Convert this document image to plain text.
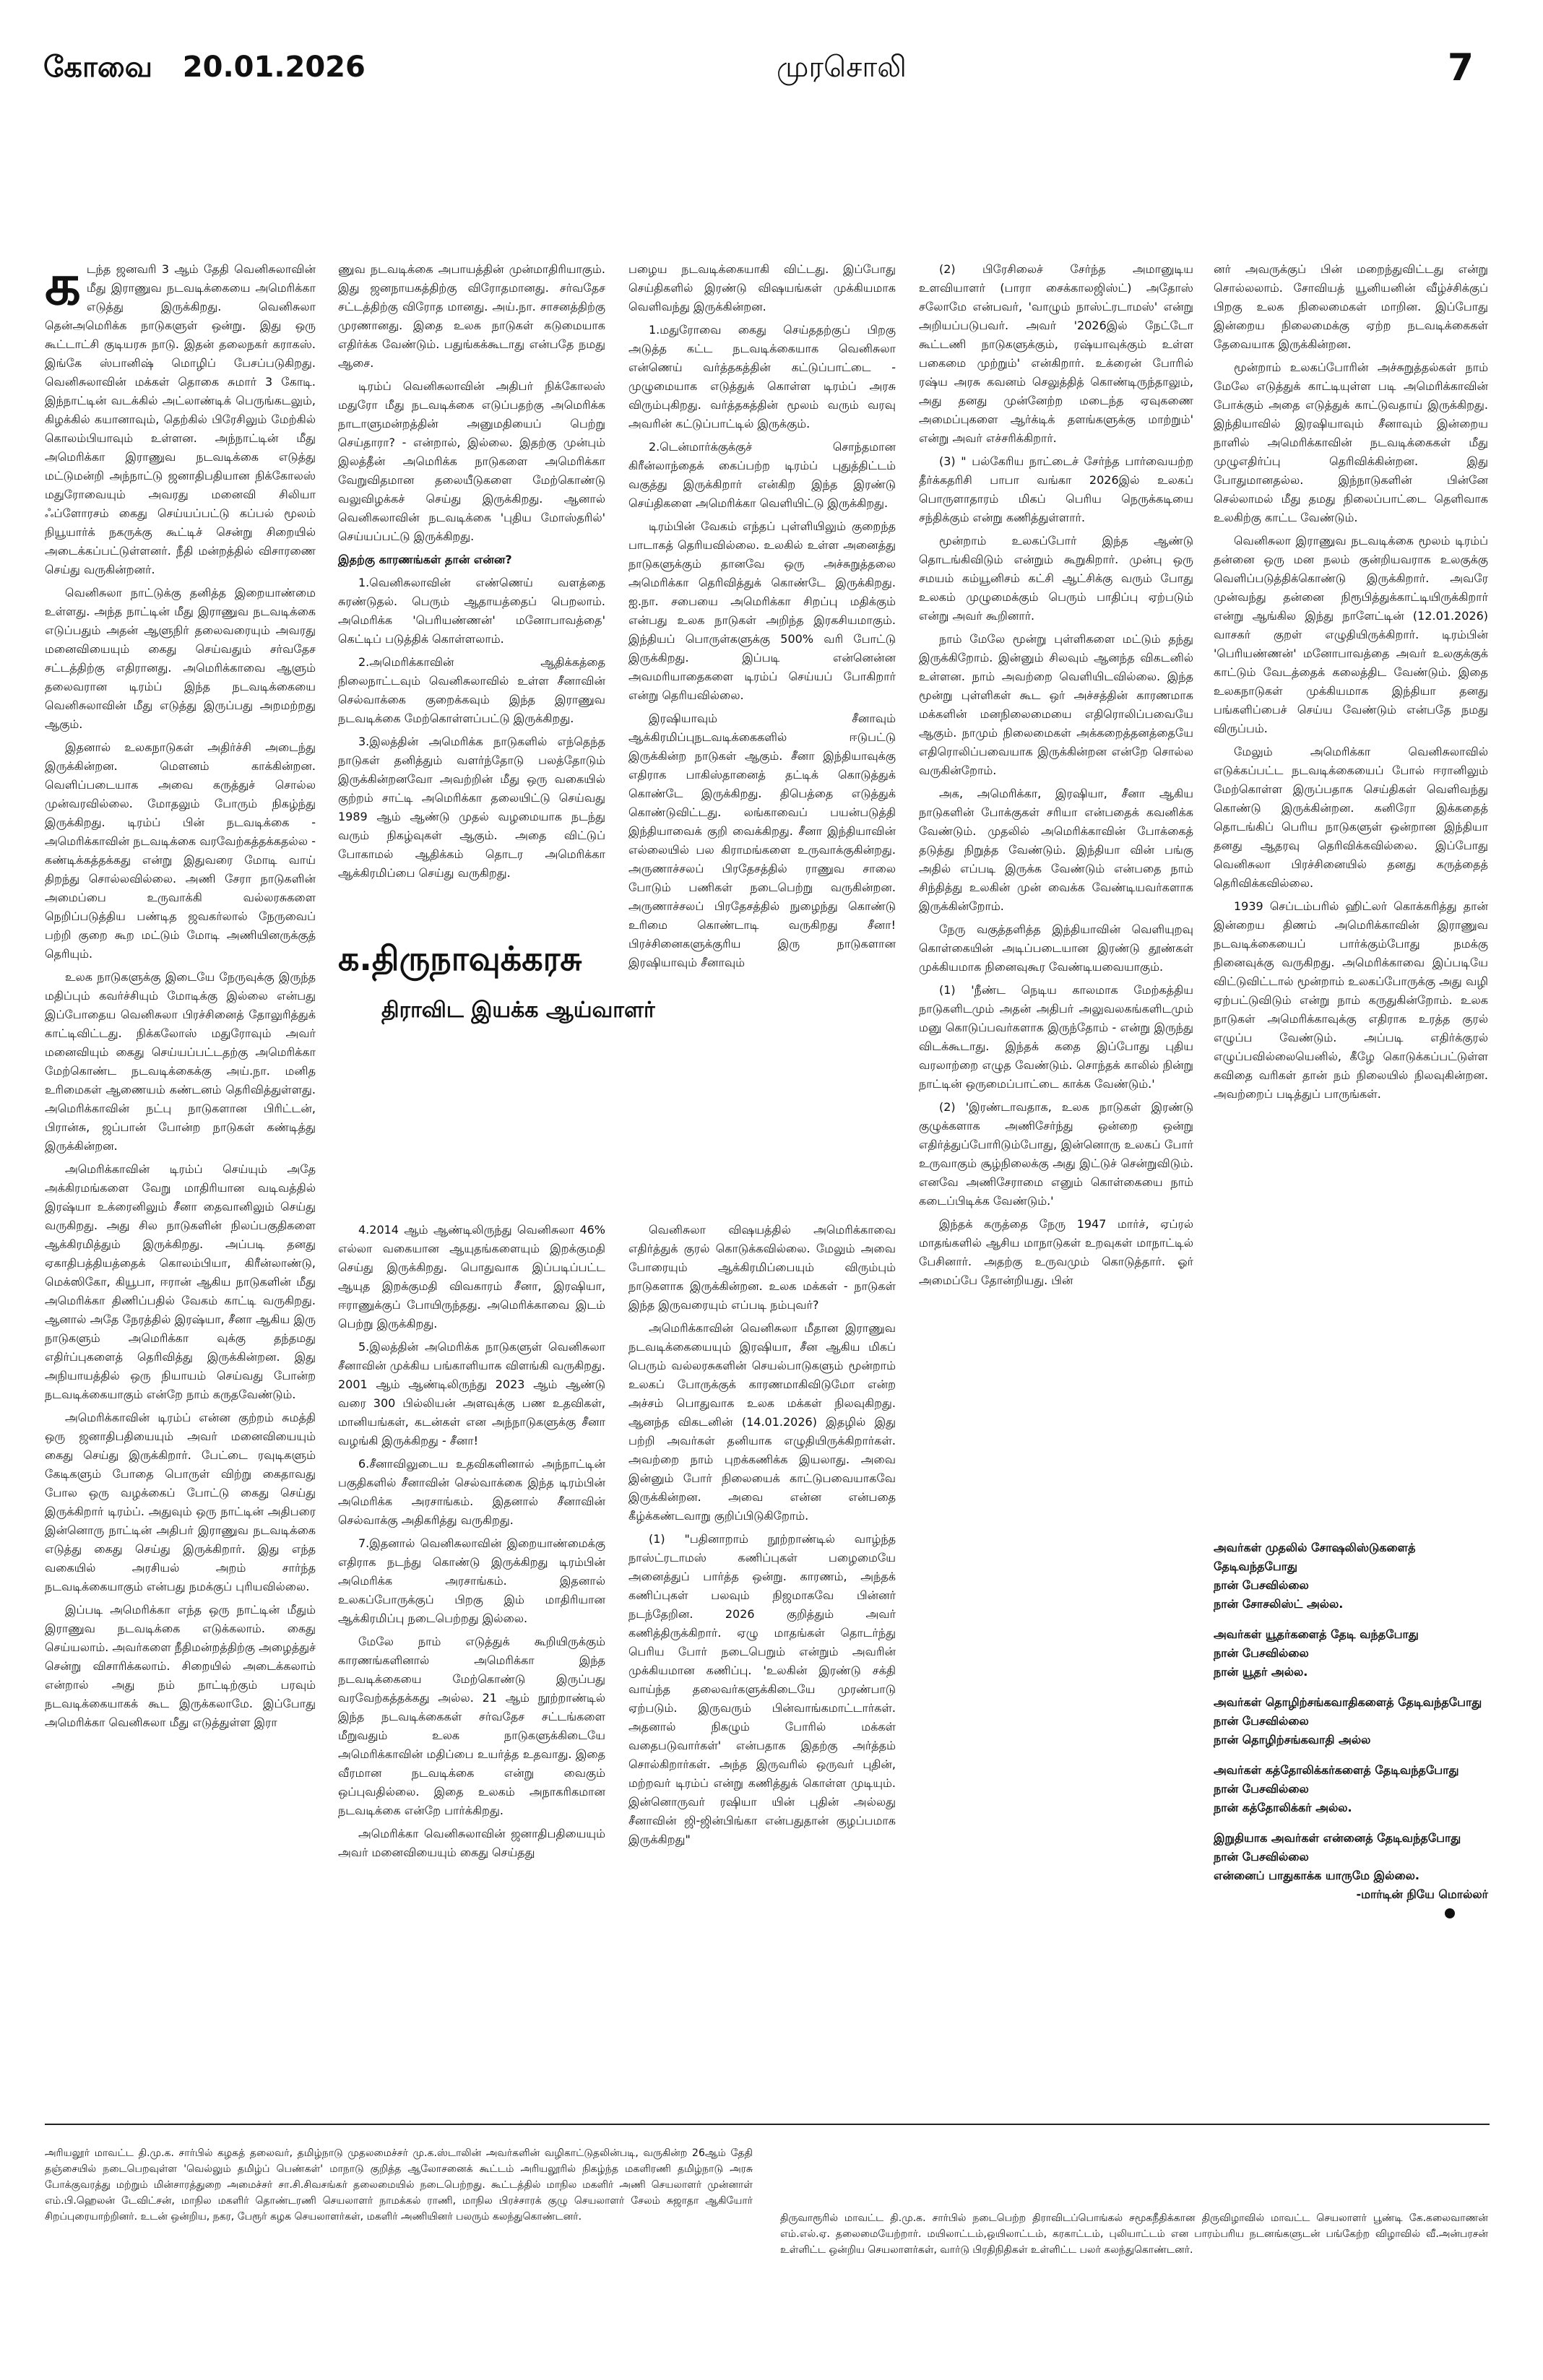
கோவை 20.01.2026	முரசொலி	7
க டந்த ஜனவரி 3 ஆம் தேதி வெனிசுலாவின் மீது இராணுவ நடவடிக்கையை அமெரிக்கா எடுத்து இருக்கிறது. வெனிசுலா தென்அமெரிக்க நாடுகளுள் ஒன்று. இது ஒரு கூட்டாட்சி குடியரசு நாடு. இதன் தலைநகர் கராகஸ். இங்கே ஸ்பானிஷ் மொழிப் பேசப்படுகிறது. வெனிசுலாவின் மக்கள் தொகை சுமார் 3 கோடி. இந்நாட்டின் வடக்கில் அட்லாண்டிக் பெருங்கடலும், கிழக்கில் கயானாவும், தெற்கில் பிரேசிலும் மேற்கில் கொலம்பியாவும் உள்ளன. அந்நாட்டின் மீது அமெரிக்கா இராணுவ நடவடிக்கை எடுத்து மட்டுமன்றி அந்நாட்டு ஜனாதிபதியான நிக்கோலஸ் மதுரோவையும் அவரது மனைவி சிலியா ஃப்ளோரசம் கைது செய்யப்பட்டு கப்பல் மூலம் நியூயார்க் நகருக்கு கூட்டிச் சென்று சிறையில் அடைக்கப்பட்டுள்ளனர். நீதி மன்றத்தில் விசாரணை செய்து வருகின்றனர்.

வெனிசுலா நாட்டுக்கு தனித்த இறையாண்மை உள்ளது. அந்த நாட்டின் மீது இராணுவ நடவடிக்கை எடுப்பதும் அதன் ஆளுநிர் தலைவரையும் அவரது மனைவியையும் கைது செய்வதும் சர்வதேச சட்டத்திற்கு எதிரானது. அமெரிக்காவை ஆளும் தலைவரான டிரம்ப் இந்த நடவடிக்கையை வெனிசுலாவின் மீது எடுத்து இருப்பது அறமற்றது ஆகும்.

இதனால் உலகநாடுகள் அதிர்ச்சி அடைந்து இருக்கின்றன. மௌனம் காக்கின்றன. வெளிப்படையாக அவை கருத்துச் சொல்ல முன்வரவில்லை. மோதலும் போரும் நிகழ்ந்து இருக்கிறது. டிரம்ப் பின் நடவடிக்கை - அமெரிக்காவின் நடவடிக்கை வரவேற்கத்தக்கதல்ல - கண்டிக்கத்தக்கது என்று இதுவரை மோடி வாய் திறந்து சொல்லவில்லை. அணி சேரா நாடுகளின் அமைப்பை உருவாக்கி வல்லரசுகளை நெறிப்படுத்திய பண்டித ஜவகர்லால் நேருவைப் பற்றி குறை கூற மட்டும் மோடி அணியினருக்குத் தெரியும்.

உலக நாடுகளுக்கு இடையே நேருவுக்கு இருந்த மதிப்பும் கவர்ச்சியும் மோடிக்கு இல்லை என்பது இப்போதைய வெனிசுலா பிரச்சினைத் தோலுரித்துக் காட்டிவிட்டது. நிக்கலோஸ் மதுரோவும் அவர் மனைவியும் கைது செய்யப்பட்டதற்கு அமெரிக்கா மேற்கொண்ட நடவடிக்கைக்கு அய்.நா. மனித உரிமைகள் ஆணையம் கண்டனம் தெரிவித்துள்ளது. அமெரிக்காவின் நட்பு நாடுகளான பிரிட்டன், பிரான்சு, ஜப்பான் போன்ற நாடுகள் கண்டித்து இருக்கின்றன.

அமெரிக்காவின் டிரம்ப் செய்யும் அதே அக்கிரமங்களை வேறு மாதிரியான வடிவத்தில் இரஷ்யா உக்ரைனிலும் சீனா தைவானிலும் செய்து வருகிறது. அது சில நாடுகளின் நிலப்பகுதிகளை ஆக்கிரமித்தும் இருக்கிறது. அப்படி தனது ஏகாதிபத்தியத்தைக் கொலம்பியா, கிரீன்லாண்டு, மெக்ஸிகோ, கியூபா, ஈரான் ஆகிய நாடுகளின் மீது அமெரிக்கா திணிப்பதில் வேகம் காட்டி வருகிறது. ஆனால் அதே நேரத்தில் இரஷ்யா, சீனா ஆகிய இரு நாடுகளும் அமெரிக்கா வுக்கு தந்தமது எதிர்ப்புகளைத் தெரிவித்து இருக்கின்றன. இது அநியாயத்தில் ஒரு நியாயம் செய்வது போன்ற நடவடிக்கையாகும் என்றே நாம் கருதவேண்டும்.

அமெரிக்காவின் டிரம்ப் என்ன குற்றம் சுமத்தி ஒரு ஜனாதிபதியையும் அவர் மனைவியையும் கைது செய்து இருக்கிறார். பேட்டை ரவுடிகளும் கேடிகளும் போதை பொருள் விற்று கைதாவது போல ஒரு வழக்கைப் போட்டு கைது செய்து இருக்கிறார் டிரம்ப். அதுவும் ஒரு நாட்டின் அதிபரை இன்னொரு நாட்டின் அதிபர் இராணுவ நடவடிக்கை எடுத்து கைது செய்து இருக்கிறார். இது எந்த வகையில் அரசியல் அறம் சார்ந்த நடவடிக்கையாகும் என்பது நமக்குப் புரியவில்லை.

இப்படி அமெரிக்கா எந்த ஒரு நாட்டின் மீதும் இராணுவ நடவடிக்கை எடுக்கலாம். கைது செய்யலாம். அவர்களை நீதிமன்றத்திற்கு அழைத்துச் சென்று விசாரிக்கலாம். சிறையில் அடைக்கலாம் என்றால் அது நம் நாட்டிற்கும் பரவும் நடவடிக்கையாகக் கூட இருக்கலாமே. இப்போது அமெரிக்கா வெனிசுலா மீது எடுத்துள்ள இரா

ணுவ நடவடிக்கை அபாயத்தின் முன்மாதிரியாகும். இது ஜனநாயகத்திற்கு விரோதமானது. சர்வதேச சட்டத்திற்கு விரோத மானது. அய்.நா. சாசனத்திற்கு முரணானது. இதை உலக நாடுகள் கடுமையாக எதிர்க்க வேண்டும். பதுங்கக்கூடாது என்பதே நமது ஆசை.

டிரம்ப் வெனிசுலாவின் அதிபர் நிக்கோலஸ் மதுரோ மீது நடவடிக்கை எடுப்பதற்கு அமெரிக்க நாடாளுமன்றத்தின் அனுமதியைப் பெற்று செய்தாரா? - என்றால், இல்லை. இதற்கு முன்பும் இலத்தீன் அமெரிக்க நாடுகளை அமெரிக்கா வேறுவிதமான தலையீடுகளை மேற்கொண்டு வலுவிழக்கச் செய்து இருக்கிறது. ஆனால் வெனிசுலாவின் நடவடிக்கை 'புதிய மோஸ்தரில்' செய்யப்பட்டு இருக்கிறது.

இதற்கு காரணங்கள் தான் என்ன?

1.வெனிசுலாவின் எண்ணெய் வளத்தை சுரண்டுதல். பெரும் ஆதாயத்தைப் பெறலாம். அமெரிக்க 'பெரியண்ணன்' மனோபாவத்தை' கெட்டிப் படுத்திக் கொள்ளலாம்.

2.அமெரிக்காவின் ஆதிக்கத்தை நிலைநாட்டவும் வெனிசுலாவில் உள்ள சீனாவின் செல்வாக்கை குறைக்கவும் இந்த இராணுவ நடவடிக்கை மேற்கொள்ளப்பட்டு இருக்கிறது.

3.இலத்தின் அமெரிக்க நாடுகளில் எந்தெந்த நாடுகள் தனித்தும் வளர்ந்தோடு பலத்தோடும் இருக்கின்றனவோ அவற்றின் மீது ஒரு வகையில் குற்றம் சாட்டி அமெரிக்கா தலையிட்டு செய்வது 1989 ஆம் ஆண்டு முதல் வழமையாக நடந்து வரும் நிகழ்வுகள் ஆகும். அதை விட்டுப் போகாமல் ஆதிக்கம் தொடர அமெரிக்கா ஆக்கிரமிப்பை செய்து வருகிறது.

பழைய நடவடிக்கையாகி விட்டது. இப்போது செய்திகளில் இரண்டு விஷயங்கள் முக்கியமாக வெளிவந்து இருக்கின்றன.

1.மதுரோவை கைது செய்ததற்குப் பிறகு அடுத்த கட்ட நடவடிக்கையாக வெனிசுலா என்ணெய் வர்த்தகத்தின் கட்டுப்பாட்டை - முழுமையாக எடுத்துக் கொள்ள டிரம்ப் அரசு விரும்புகிறது. வர்த்தகத்தின் மூலம் வரும் வரவு அவரின் கட்டுப்பாட்டில் இருக்கும்.

2.டென்மார்க்குக்குச் சொந்தமான கிரீன்லாந்தைக் கைப்பற்ற டிரம்ப் புதுத்திட்டம் வகுத்து இருக்கிறார் என்கிற இந்த இரண்டு செய்திகளை அமெரிக்கா வெளியிட்டு இருக்கிறது.

டிரம்பின் வேகம் எந்தப் புள்ளியிலும் குறைந்த பாடாகத் தெரியவில்லை. உலகில் உள்ள அனைத்து நாடுகளுக்கும் தானவே ஒரு அச்சுறுத்தலை அமெரிக்கா தெரிவித்துக் கொண்டே இருக்கிறது. ஐ.நா. சபையை அமெரிக்கா சிறப்பு மதிக்கும் என்பது உலக நாடுகள் அறிந்த இரகசியமாகும். இந்தியப் பொருள்களுக்கு 500% வரி போட்டு இருக்கிறது. இப்படி என்னென்ன அவமரியாதைகளை டிரம்ப் செய்யப் போகிறார் என்று தெரியவில்லை.

இரஷியாவும் சீனாவும் ஆக்கிரமிப்புநடவடிக்கைகளில் ஈடுபட்டு இருக்கின்ற நாடுகள் ஆகும். சீனா இந்தியாவுக்கு எதிராக பாகிஸ்தானைத் தட்டிக் கொடுத்துக் கொண்டே இருக்கிறது. திபெத்தை எடுத்துக் கொண்டுவிட்டது. லங்காவைப் பயன்படுத்தி இந்தியாவைக் குறி வைக்கிறது. சீனா இந்தியாவின் எல்லையில் பல கிராமங்களை உருவாக்குகின்றது. அருணாச்சலப் பிரதேசத்தில் ராணுவ சாலை போடும் பணிகள் நடைபெற்று வருகின்றன. அருணாச்சலப் பிரதேசத்தில் நுழைந்து கொண்டு உரிமை கொண்டாடி வருகிறது சீனா! பிரச்சினைகளுக்குரிய இரு நாடுகளான இரஷியாவும் சீனாவும்

(2) பிரேசிலைச் சேர்ந்த அமானுடிய உளவியாளர் (பாரா சைக்காலஜிஸ்ட்) அதோஸ் சலோமே என்பவர், 'வாழும் நாஸ்ட்ரடாமஸ்' என்று அறியப்படுபவர். அவர் '2026இல் நேட்டோ கூட்டணி நாடுகளுக்கும், ரஷ்யாவுக்கும் உள்ள பகைமை முற்றும்' என்கிறார். உக்ரைன் போரில் ரஷ்ய அரசு கவனம் செலுத்தித் கொண்டிருந்தாலும், அது தனது முன்னேற்ற மடைந்த ஏவுகணை அமைப்புகளை ஆர்க்டிக் தளங்களுக்கு மாற்றும்' என்று அவர் எச்சரிக்கிறார்.

(3) " பல்கேரிய நாட்டைச் சேர்ந்த பார்வையற்ற தீர்க்கதரிசி பாபா வங்கா 2026இல் உலகப் பொருளாதாரம் மிகப் பெரிய நெருக்கடியை சந்திக்கும் என்று கணித்துள்ளார்.

மூன்றாம் உலகப்போர் இந்த ஆண்டு தொடங்கிவிடும் என்றும் கூறுகிறார். முன்பு ஒரு சமயம் கம்யூனிசம் கட்சி ஆட்சிக்கு வரும் போது உலகம் முழுமைக்கும் பெரும் பாதிப்பு ஏற்படும் என்று அவர் கூறினார்.

நாம் மேலே மூன்று புள்ளிகளை மட்டும் தந்து இருக்கிறோம். இன்னும் சிலவும் ஆனந்த விகடனில் உள்ளன. நாம் அவற்றை வெளியிடவில்லை. இந்த மூன்று புள்ளிகள் கூட ஒர் அச்சத்தின் காரணமாக மக்களின் மனநிலைமையை எதிரொலிப்பவையே ஆகும். நாமும் நிலைமைகள் அக்கறைத்தனத்தையே எதிரொலிப்பவையாக இருக்கின்றன என்றே சொல்ல வருகின்றோம்.

அக, அமெரிக்கா, இரஷியா, சீனா ஆகிய நாடுகளின் போக்குகள் சரியா என்பதைக் கவனிக்க வேண்டும். முதலில் அமெரிக்காவின் போக்கைத் தடுத்து நிறுத்த வேண்டும். இந்தியா வின் பங்கு அதில் எப்படி இருக்க வேண்டும் என்பதை நாம் சிந்தித்து உலகின் முன் வைக்க வேண்டியவர்களாக இருக்கின்றோம்.

நேரு வகுத்தளித்த இந்தியாவின் வெளியுறவு கொள்கையின் அடிப்படையான இரண்டு தூண்கள் முக்கியமாக நினைவுகூர வேண்டியவையாகும்.

(1) 'நீண்ட நெடிய காலமாக மேற்கத்திய நாடுகளிடமும் அதன் அதிபர் அலுவலகங்களிடமும் மனு கொடுப்பவர்களாக இருந்தோம் - என்று இருந்து விடக்கூடாது. இந்தக் கதை இப்போது புதிய வரலாற்றை எழுத வேண்டும். சொந்தக் காலில் நின்று நாட்டின் ஒருமைப்பாட்டை காக்க வேண்டும்.'

(2) 'இரண்டாவதாக, உலக நாடுகள் இரண்டு குழுக்களாக அணிசேர்ந்து ஒன்றை ஒன்று எதிர்த்துப்போரிடும்போது, இன்னொரு உலகப் போர் உருவாகும் சூழ்நிலைக்கு அது இட்டுச் சென்றுவிடும். எனவே அணிசேராமை எனும் கொள்கையை நாம் கடைப்பிடிக்க வேண்டும்.'

இந்தக் கருத்தை நேரு 1947 மார்ச், ஏப்ரல் மாதங்களில் ஆசிய மாநாடுகள் உறவுகள் மாநாட்டில் பேசினார். அதற்கு உருவமும் கொடுத்தார். ஓர் அமைப்பே தோன்றியது. பின்

னர் அவருக்குப் பின் மறைந்துவிட்டது என்று சொல்லலாம். சோவியத் யூனியனின் வீழ்ச்சிக்குப் பிறகு உலக நிலைமைகள் மாறின. இப்போது இன்றைய நிலைமைக்கு ஏற்ற நடவடிக்கைகள் தேவையாக இருக்கின்றன.

மூன்றாம் உலகப்போரின் அச்சுறுத்தல்கள் நாம் மேலே எடுத்துக் காட்டியுள்ள படி அமெரிக்காவின் போக்கும் அதை எடுத்துக் காட்டுவதாய் இருக்கிறது. இந்தியாவில் இரஷியாவும் சீனாவும் இன்றைய நாளில் அமெரிக்காவின் நடவடிக்கைகள் மீது முழுஎதிர்ப்பு தெரிவிக்கின்றன. இது போதுமானதல்ல. இந்நாடுகளின் பின்னே செல்லாமல் மீது தமது நிலைப்பாட்டை தெளிவாக உலகிற்கு காட்ட வேண்டும்.

வெனிசுலா இராணுவ நடவடிக்கை மூலம் டிரம்ப் தன்னை ஒரு மன நலம் குன்றியவராக உலகுக்கு வெளிப்படுத்திக்கொண்டு இருக்கிறார். அவரே முன்வந்து தன்னை நிரூபித்துக்காட்டியிருக்கிறார் என்று ஆங்கில இந்து நாளேட்டின் (12.01.2026) வாசகர் குறள் எழுதியிருக்கிறார். டிரம்பின் 'பெரியண்ணன்' மனோபாவத்தை அவர் உலகுக்குக் காட்டும் வேடத்தைக் கலைத்திட வேண்டும். இதை உலகநாடுகள் முக்கியமாக இந்தியா தனது பங்களிப்பைச் செய்ய வேண்டும் என்பதே நமது விருப்பம்.

மேலும் அமெரிக்கா வெனிசுலாவில் எடுக்கப்பட்ட நடவடிக்கையைப் போல் ஈரானிலும் மேற்கொள்ள இருப்பதாக செய்திகள் வெளிவந்து கொண்டு இருக்கின்றன. கனிரோ இக்கதைத் தொடங்கிப் பெரிய நாடுகளுள் ஒன்றான இந்தியா தனது ஆதரவு தெரிவிக்கவில்லை. இப்போது வெனிசுலா பிரச்சினையில் தனது கருத்தைத் தெரிவிக்கவில்லை.

1939 செப்டம்பரில் ஹிட்லர் கொக்கரித்து தான் இன்றைய திணம் அமெரிக்காவின் இராணுவ நடவடிக்கையைப் பார்க்கும்போது நமக்கு நினைவுக்கு வருகிறது. அமெரிக்காவை இப்படியே விட்டுவிட்டால் மூன்றாம் உலகப்போருக்கு அது வழி ஏற்பட்டுவிடும் என்று நாம் கருதுகின்றோம். உலக நாடுகள் அமெரிக்காவுக்கு எதிராக உரத்த குரல் எழுப்ப வேண்டும். அப்படி எதிர்க்குரல் எழுப்பவில்லையெனில், கீழே கொடுக்கப்பட்டுள்ள கவிதை வரிகள் தான் நம் நிலையில் நிலவுகின்றன. அவற்றைப் படித்துப் பாருங்கள்.

க.திருநாவுக்கரசு

திராவிட இயக்க ஆய்வாளர்

4.2014 ஆம் ஆண்டிலிருந்து வெனிசுலா 46% எல்லா வகையான ஆயுதங்களையும் இறக்குமதி செய்து இருக்கிறது. பொதுவாக இப்படிப்பட்ட ஆயுத இறக்குமதி விவகாரம் சீனா, இரஷியா, ஈராணுக்குப் போயிருந்தது. அமெரிக்காவை இடம் பெற்று இருக்கிறது.

5.இலத்தின் அமெரிக்க நாடுகளுள் வெனிசுலா சீனாவின் முக்கிய பங்காளியாக விளங்கி வருகிறது. 2001 ஆம் ஆண்டிலிருந்து 2023 ஆம் ஆண்டு வரை 300 பில்லியன் அளவுக்கு பண உதவிகள், மானியங்கள், கடன்கள் என அந்நாடுகளுக்கு சீனா வழங்கி இருக்கிறது - சீனா!

6.சீனாவிலுடைய உதவிகளினால் அந்நாட்டின் பகுதிகளில் சீனாவின் செல்வாக்கை இந்த டிரம்பின் அமெரிக்க அரசாங்கம். இதனால் சீனாவின் செல்வாக்கு அதிகரித்து வருகிறது.

7.இதனால் வெனிசுலாவின் இறையாண்மைக்கு எதிராக நடந்து கொண்டு இருக்கிறது டிரம்பின் அமெரிக்க அரசாங்கம். இதனால் உலகப்போருக்குப் பிறகு இம் மாதிரியான ஆக்கிரமிப்பு நடைபெற்றது இல்லை.

மேலே நாம் எடுத்துக் கூறியிருக்கும் காரணங்களினால் அமெரிக்கா இந்த நடவடிக்கையை மேற்கொண்டு இருப்பது வரவேற்கத்தக்கது அல்ல. 21 ஆம் நூற்றாண்டில் இந்த நடவடிக்கைகள் சர்வதேச சட்டங்களை மீறுவதும் உலக நாடுகளுக்கிடையே அமெரிக்காவின் மதிப்பை உயர்த்த உதவாது. இதை வீரமான நடவடிக்கை என்று வைகும் ஒப்புவதில்லை. இதை உலகம் அநாகரிகமான நடவடிக்கை என்றே பார்க்கிறது.

அமெரிக்கா வெனிசுலாவின் ஜனாதிபதியையும் அவர் மனைவியையும் கைது செய்தது

வெனிசுலா விஷயத்தில் அமெரிக்காவை எதிர்த்துக் குரல் கொடுக்கவில்லை. மேலும் அவை போரையும் ஆக்கிரமிப்பையும் விரும்பும் நாடுகளாக இருக்கின்றன. உலக மக்கள் - நாடுகள் இந்த இருவரையும் எப்படி நம்புவர்?

அமெரிக்காவின் வெனிசுலா மீதான இராணுவ நடவடிக்கையையும் இரஷியா, சீன ஆகிய மிகப் பெரும் வல்லரசுகளின் செயல்பாடுகளும் மூன்றாம் உலகப் போருக்குக் காரணமாகிவிடுமோ என்ற அச்சம் பொதுவாக உலக மக்கள் நிலவுகிறது. ஆனந்த விகடனின் (14.01.2026) இதழில் இது பற்றி அவர்கள் தனியாக எழுதியிருக்கிறார்கள். அவற்றை நாம் புறக்கணிக்க இயலாது. அவை இன்னும் போர் நிலையைக் காட்டுபவையாகவே இருக்கின்றன. அவை என்ன என்பதை கீழ்க்கண்டவாறு குறிப்பிடுகிறோம்.

(1) "பதினாறாம் நூற்றாண்டில் வாழ்ந்த நாஸ்ட்ரடாமஸ் கணிப்புகள் பழைமையே அனைத்துப் பார்த்த ஒன்று. காரணம், அந்தக் கணிப்புகள் பலவும் நிஜமாகவே பின்னர் நடந்தேறின. 2026 குறித்தும் அவர் கணித்திருக்கிறார். ஏழு மாதங்கள் தொடர்ந்து பெரிய போர் நடைபெறும் என்றும் அவரின் முக்கியமான கணிப்பு. 'உலகின் இரண்டு சக்தி வாய்ந்த தலைவர்களுக்கிடையே முரண்பாடு ஏற்படும். இருவரும் பின்வாங்கமாட்டார்கள். அதனால் நிகழும் போரில் மக்கள் வதைபடுவார்கள்' என்பதாக இதற்கு அர்த்தம் சொல்கிறார்கள். அந்த இருவரில் ஒருவர் புதின், மற்றவர் டிரம்ப் என்று கணித்துக் கொள்ள முடியும். இன்னொருவர் ரஷியா யின் புதின் அல்லது சீனாவின் ஜி-ஜின்பிங்கா என்பதுதான் குழப்பமாக இருக்கிறது"

அவர்கள் முதலில் சோஷலிஸ்டுகளைத் தேடிவந்தபோது
நான் பேசவில்லை
நான் சோசலிஸ்ட் அல்ல.
அவர்கள் யூதர்களைத் தேடி வந்தபோது
நான் பேசவில்லை
நான் யூதர் அல்ல.
அவர்கள் தொழிற்சங்கவாதிகளைத் தேடிவந்தபோது
நான் பேசவில்லை
நான் தொழிற்சங்கவாதி அல்ல
அவர்கள் கத்தோலிக்கர்களைத் தேடிவந்தபோது
நான் பேசவில்லை
நான் கத்தோலிக்கர் அல்ல.
இறுதியாக அவர்கள் என்னைத் தேடிவந்தபோது
நான் பேசவில்லை
என்னைப் பாதுகாக்க யாருமே இல்லை.
-மார்டின் நியே மொல்லர்
அரியலூர் மாவட்ட தி.மு.க. சார்பில் கழகத் தலைவர், தமிழ்நாடு முதலமைச்சர் மு.க.ஸ்டாலின் அவர்களின் வழிகாட்டுதலின்படி, வருகின்ற 26ஆம் தேதி தஞ்சையில் நடைபெறவுள்ள 'வெல்லும் தமிழ்ப் பெண்கள்' மாநாடு குறித்த ஆலோசனைக் கூட்டம் அரியலூரில் நிகழ்ந்த மகளிரணி தமிழ்நாடு அரசு போக்குவரத்து மற்றும் மின்சாரத்துறை அமைச்சர் சா.சி.சிவசங்கர் தலைமையில் நடைபெற்றது. கூட்டத்தில் மாநில மகளிர் அணி செயலாளர் முன்னாள் எம்.பி.ஹெலன் டேவிட்சன், மாநில மகளிர் தொண்டரணி செயலாளர் நாமக்கல் ராணி, மாநில பிரச்சாரக் குழு செயலாளர் சேலம் சுஜாதா ஆகியோர் சிறப்புரையாற்றினர். உடன் ஒன்றிய, நகர, பேரூர் கழக செயலாளர்கள், மகளிர் அணியினர் பலரும் கலந்துகொண்டனர்.	திருவாரூரில் மாவட்ட தி.மு.க. சார்பில் நடைபெற்ற திராவிடப்பொங்கல் சமூகநீதிக்கான திருவிழாவில் மாவட்ட செயலாளர் பூண்டி கே.கலைவாணன் எம்.எல்.ஏ. தலைமையேற்றார். மயிலாட்டம்,ஒயிலாட்டம், கரகாட்டம், புலியாட்டம் என பாரம்பரிய நடனங்களுடன் பங்கேற்ற விழாவில் வீ.அன்பரசன் உள்ளிட்ட ஒன்றிய செயலாளர்கள், வார்டு பிரதிநிதிகள் உள்ளிட்ட பலர் கலந்துகொண்டனர்.
